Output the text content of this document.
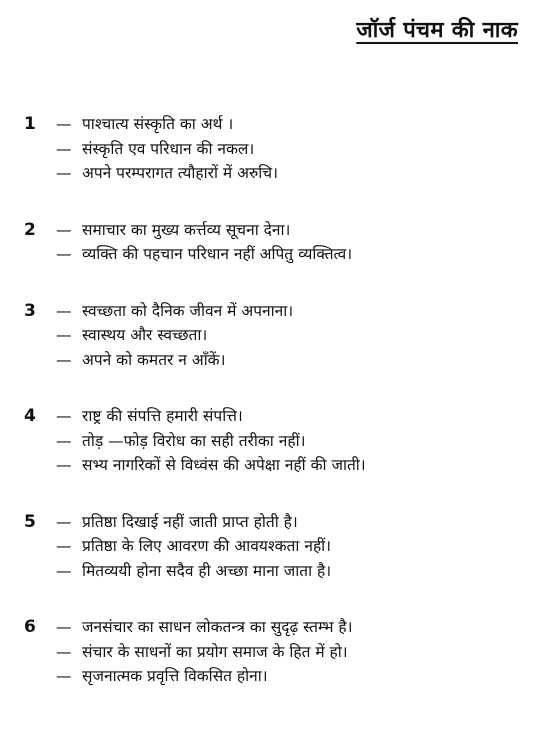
जॉर्ज पंचम की नाक
1	— पाश्चात्य संस्कृति का अर्थ ।
— संस्कृति एव परिधान की नकल।
— अपने परम्परागत त्यौहारों में अरुचि।
2	— समाचार का मुख्य कर्त्तव्य सूचना देना।
— व्यक्ति की पहचान परिधान नहीं अपितु व्यक्तित्व।
3	— स्वच्छता को दैनिक जीवन में अपनाना।
— स्वास्थय और स्वच्छता।
— अपने को कमतर न आँकें।
4	— राष्ट्र की संपत्ति हमारी संपत्ति।
— तोड़ —फोड़ विरोध का सही तरीका नहीं।
— सभ्य नागरिकों से विध्वंस की अपेक्षा नहीं की जाती।
5	— प्रतिष्ठा दिखाई नहीं जाती प्राप्त होती है।
— प्रतिष्ठा के लिए आवरण की आवयश्कता नहीं।
— मितव्ययी होना सदैव ही अच्छा माना जाता है।
6	— जनसंचार का साधन लोकतन्त्र का सुदृढ़ स्तम्भ है।
— संचार के साधनों का प्रयोग समाज के हित में हो।
— सृजनात्मक प्रवृत्ति विकसित होना।
